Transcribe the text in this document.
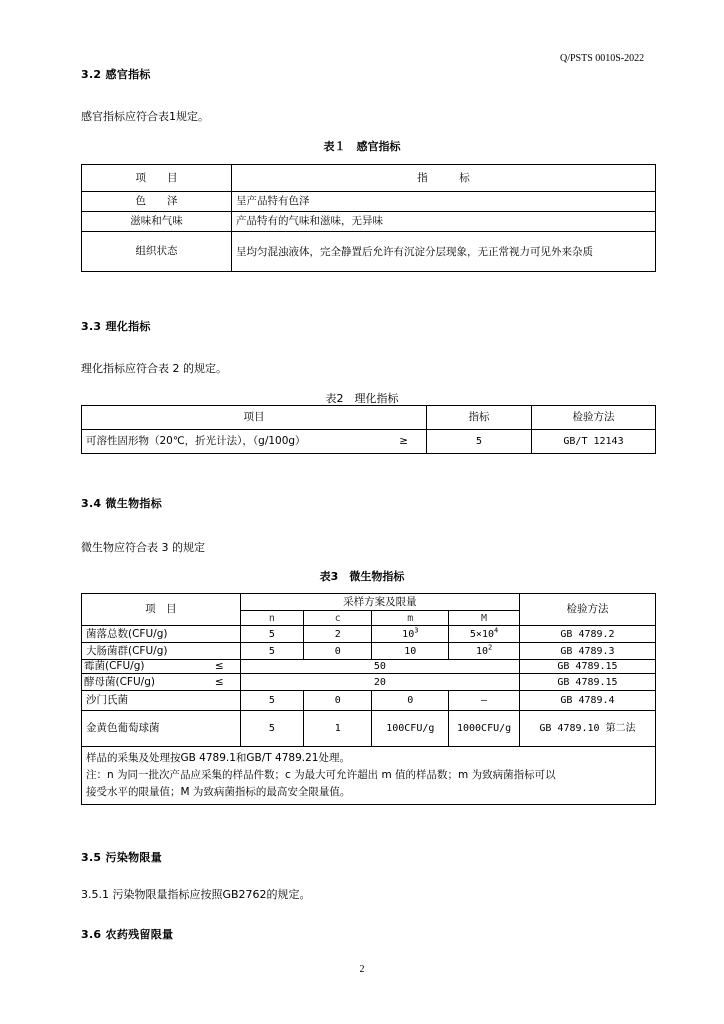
Q/PSTS 0010S-2022
3.2 感官指标
感官指标应符合表1规定。
表１　感官指标
项　　目	指　　　标
色　　泽	呈产品特有色泽
滋味和气味	产品特有的气味和滋味，无异味
组织状态	呈均匀混浊液体，完全静置后允许有沉淀分层现象，无正常视力可见外来杂质
3.3 理化指标
理化指标应符合表 2 的规定。
表2　理化指标
项目	指标	检验方法
可溶性固形物（20℃，折光计法），（g/100g） ≥	5	GB/T 12143
3.4 微生物指标
微生物应符合表 3 的规定
表3　微生物指标
项　目	采样方案及限量				检验方法
	n	c	m	M	
菌落总数(CFU/g)	5	2	$10^3$	$5\times 10^4$	GB 4789.2
大肠菌群(CFU/g)	5	0	10	$10^2$	GB 4789.3
霉菌(CFU/g) ≤	50				GB 4789.15
酵母菌(CFU/g) ≤	20				GB 4789.15
沙门氏菌	5	0	0	—	GB 4789.4
金黄色葡萄球菌	5	1	100CFU/g	1000CFU/g	GB 4789.10 第二法

样品的采集及处理按GB 4789.1和GB/T 4789.21处理。
注：n 为同一批次产品应采集的样品件数；c 为最大可允许超出 m 值的样品数；m 为致病菌指标可以
接受水平的限量值；M 为致病菌指标的最高安全限量值。					
3.5 污染物限量
3.5.1 污染物限量指标应按照GB2762的规定。
3.6 农药残留限量
2
